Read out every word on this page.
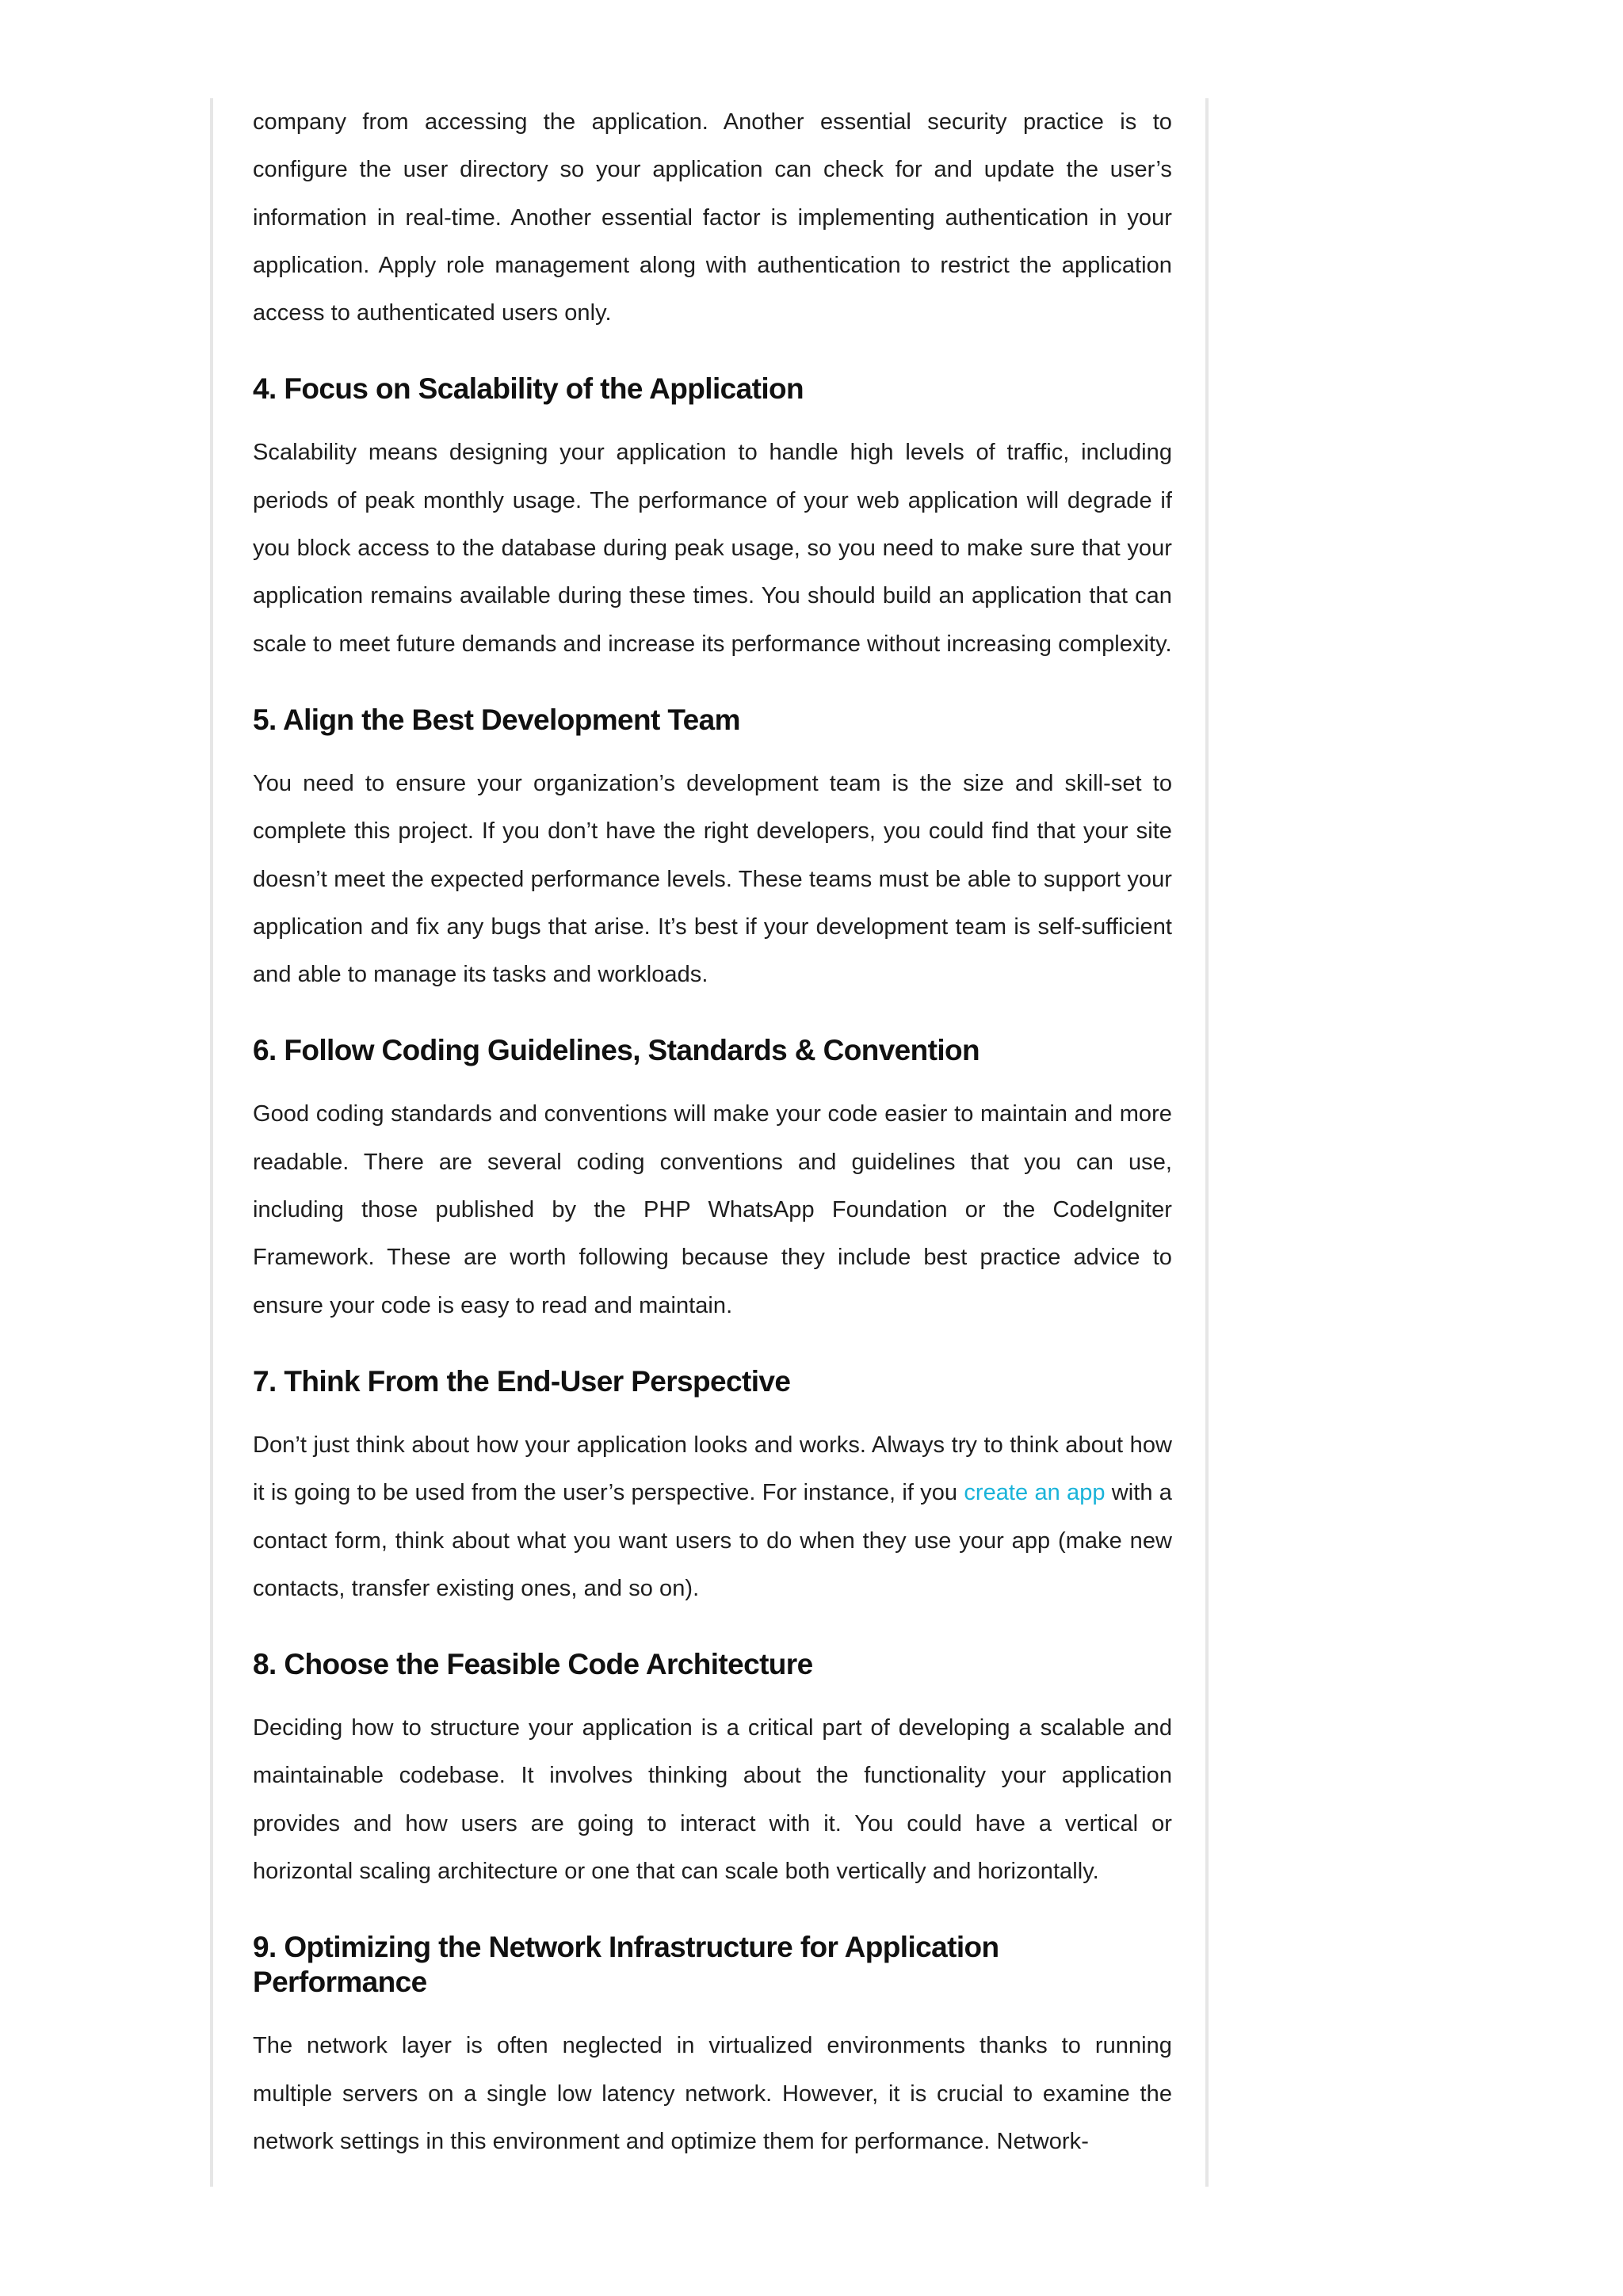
company from accessing the application. Another essential security practice is to configure the user directory so your application can check for and update the user’s information in real-time. Another essential factor is implementing authentication in your application. Apply role management along with authentication to restrict the application access to authenticated users only.

4. Focus on Scalability of the Application

Scalability means designing your application to handle high levels of traffic, including periods of peak monthly usage. The performance of your web application will degrade if you block access to the database during peak usage, so you need to make sure that your application remains available during these times. You should build an application that can scale to meet future demands and increase its performance without increasing complexity.

5. Align the Best Development Team

You need to ensure your organization’s development team is the size and skill-set to complete this project. If you don’t have the right developers, you could find that your site doesn’t meet the expected performance levels. These teams must be able to support your application and fix any bugs that arise. It’s best if your development team is self-sufficient and able to manage its tasks and workloads.

6. Follow Coding Guidelines, Standards & Convention

Good coding standards and conventions will make your code easier to maintain and more readable. There are several coding conventions and guidelines that you can use, including those published by the PHP WhatsApp Foundation or the CodeIgniter Framework. These are worth following because they include best practice advice to ensure your code is easy to read and maintain.

7. Think From the End-User Perspective

Don’t just think about how your application looks and works. Always try to think about how it is going to be used from the user’s perspective. For instance, if you create an app with a contact form, think about what you want users to do when they use your app (make new contacts, transfer existing ones, and so on).

8. Choose the Feasible Code Architecture

Deciding how to structure your application is a critical part of developing a scalable and maintainable codebase. It involves thinking about the functionality your application provides and how users are going to interact with it. You could have a vertical or horizontal scaling architecture or one that can scale both vertically and horizontally.

9. Optimizing the Network Infrastructure for Application Performance

The network layer is often neglected in virtualized environments thanks to running multiple servers on a single low latency network. However, it is crucial to examine the network settings in this environment and optimize them for performance. Network-
